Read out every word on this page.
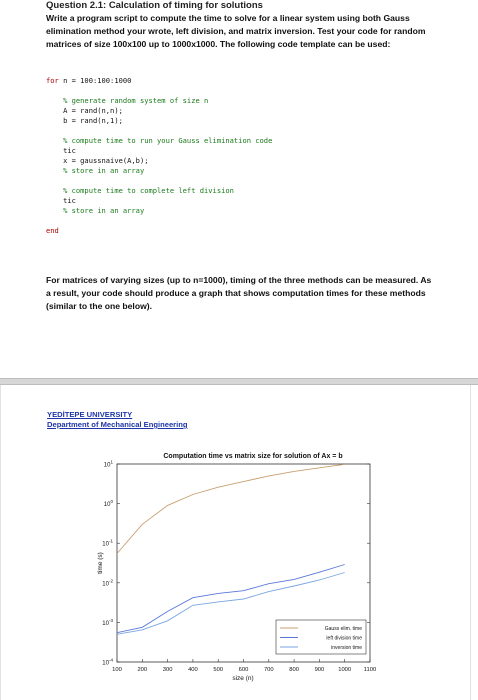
Question 2.1: Calculation of timing for solutions
Write a program script to compute the time to solve for a linear system using both Gauss elimination method your wrote, left division, and matrix inversion. Test your code for random matrices of size 100x100 up to 1000x1000. The following code template can be used:
for n = 100:100:1000

% generate random system of size n
A = rand(n,n);
b = rand(n,1);

% compute time to run your Gauss elimination code
tic
x = gaussnaive(A,b);
% store in an array

% compute time to complete left division
tic
% store in an array

end
For matrices of varying sizes (up to n=1000), timing of the three methods can be measured. As a result, your code should produce a graph that shows computation times for these methods (similar to the one below).
YEDİTEPE UNIVERSITY
Department of Mechanical Engineering
Computation time vs matrix size for solution of Ax = b
$10^{-4}$
$10^{-3}$
$10^{-2}$
$10^{-1}$
$10^0$
$10^1$
100	200	300	400	500	600	700	800	900 1000 1100
time (s)
size (n)
Gauss elim. time
left division time
inversion time
